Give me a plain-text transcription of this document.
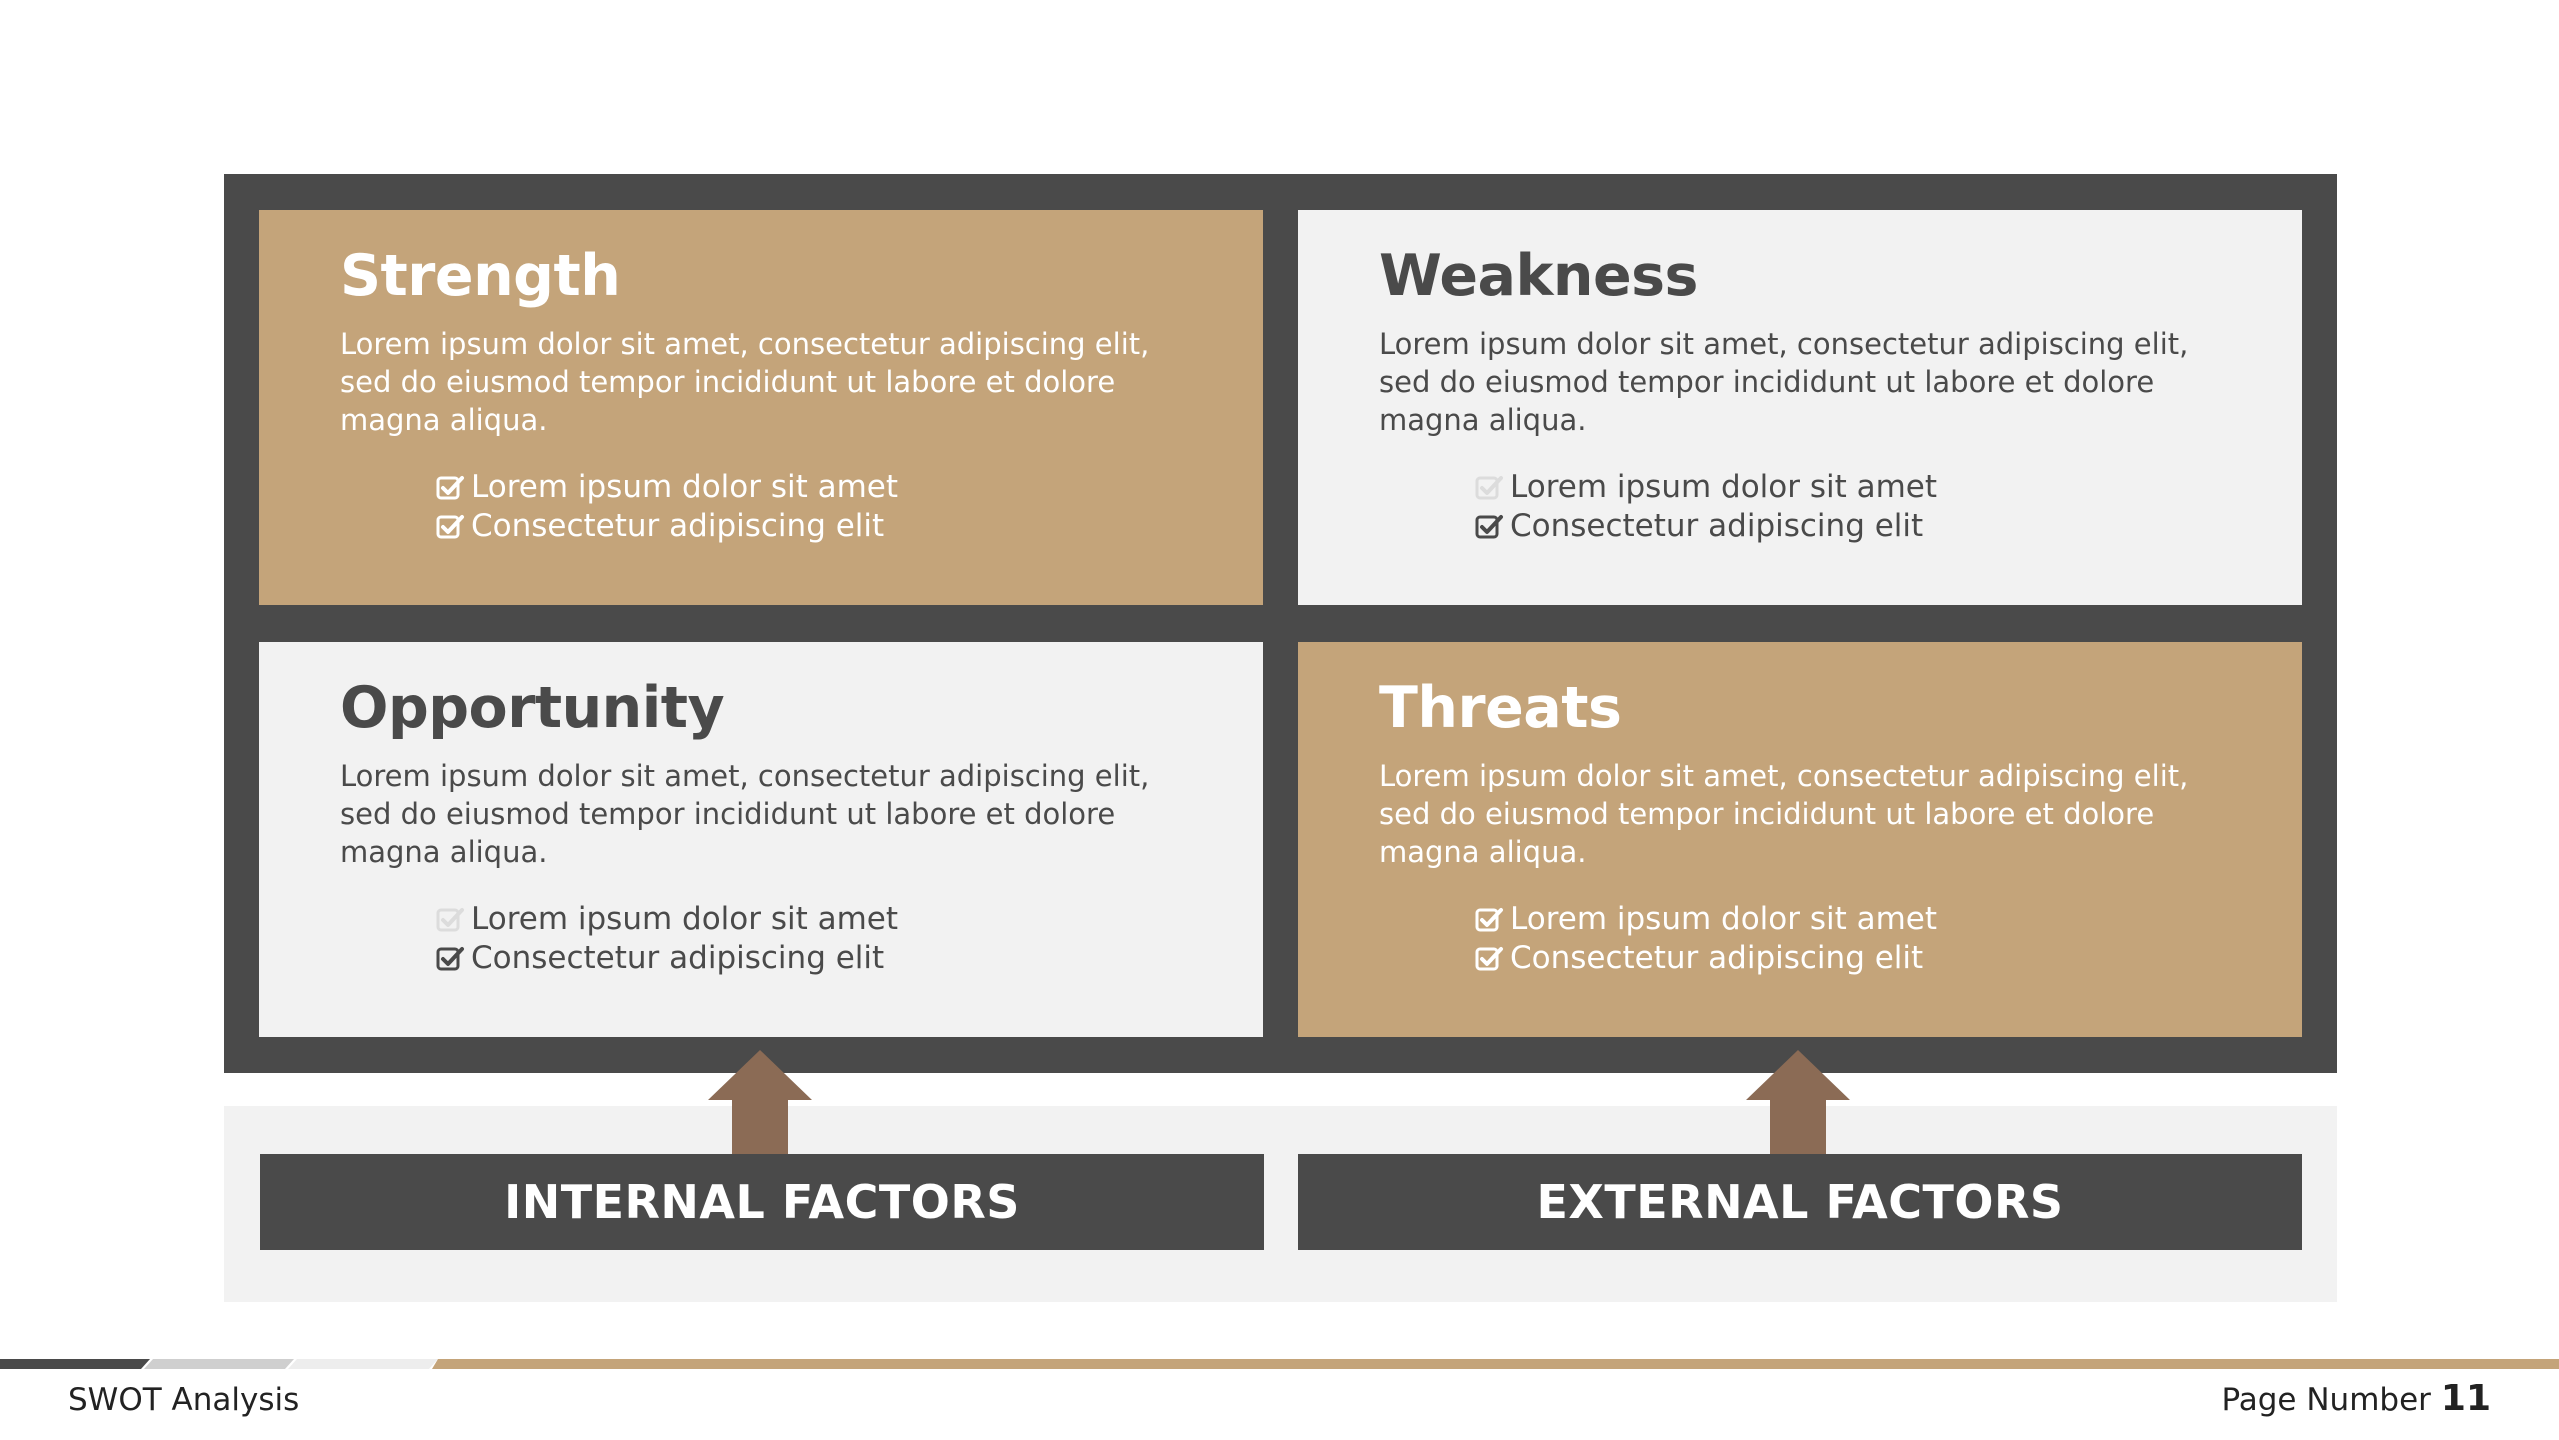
Strength

Lorem ipsum dolor sit amet, consectetur adipiscing elit, sed do eiusmod tempor incididunt ut labore et dolore magna aliqua.

Lorem ipsum dolor sit amet
Consectetur adipiscing elit
Weakness

Lorem ipsum dolor sit amet, consectetur adipiscing elit, sed do eiusmod tempor incididunt ut labore et dolore magna aliqua.

Lorem ipsum dolor sit amet
Consectetur adipiscing elit
Opportunity

Lorem ipsum dolor sit amet, consectetur adipiscing elit, sed do eiusmod tempor incididunt ut labore et dolore magna aliqua.

Lorem ipsum dolor sit amet
Consectetur adipiscing elit
Threats

Lorem ipsum dolor sit amet, consectetur adipiscing elit, sed do eiusmod tempor incididunt ut labore et dolore magna aliqua.

Lorem ipsum dolor sit amet
Consectetur adipiscing elit
INTERNAL FACTORS	EXTERNAL FACTORS
SWOT Analysis	Page Number 11
